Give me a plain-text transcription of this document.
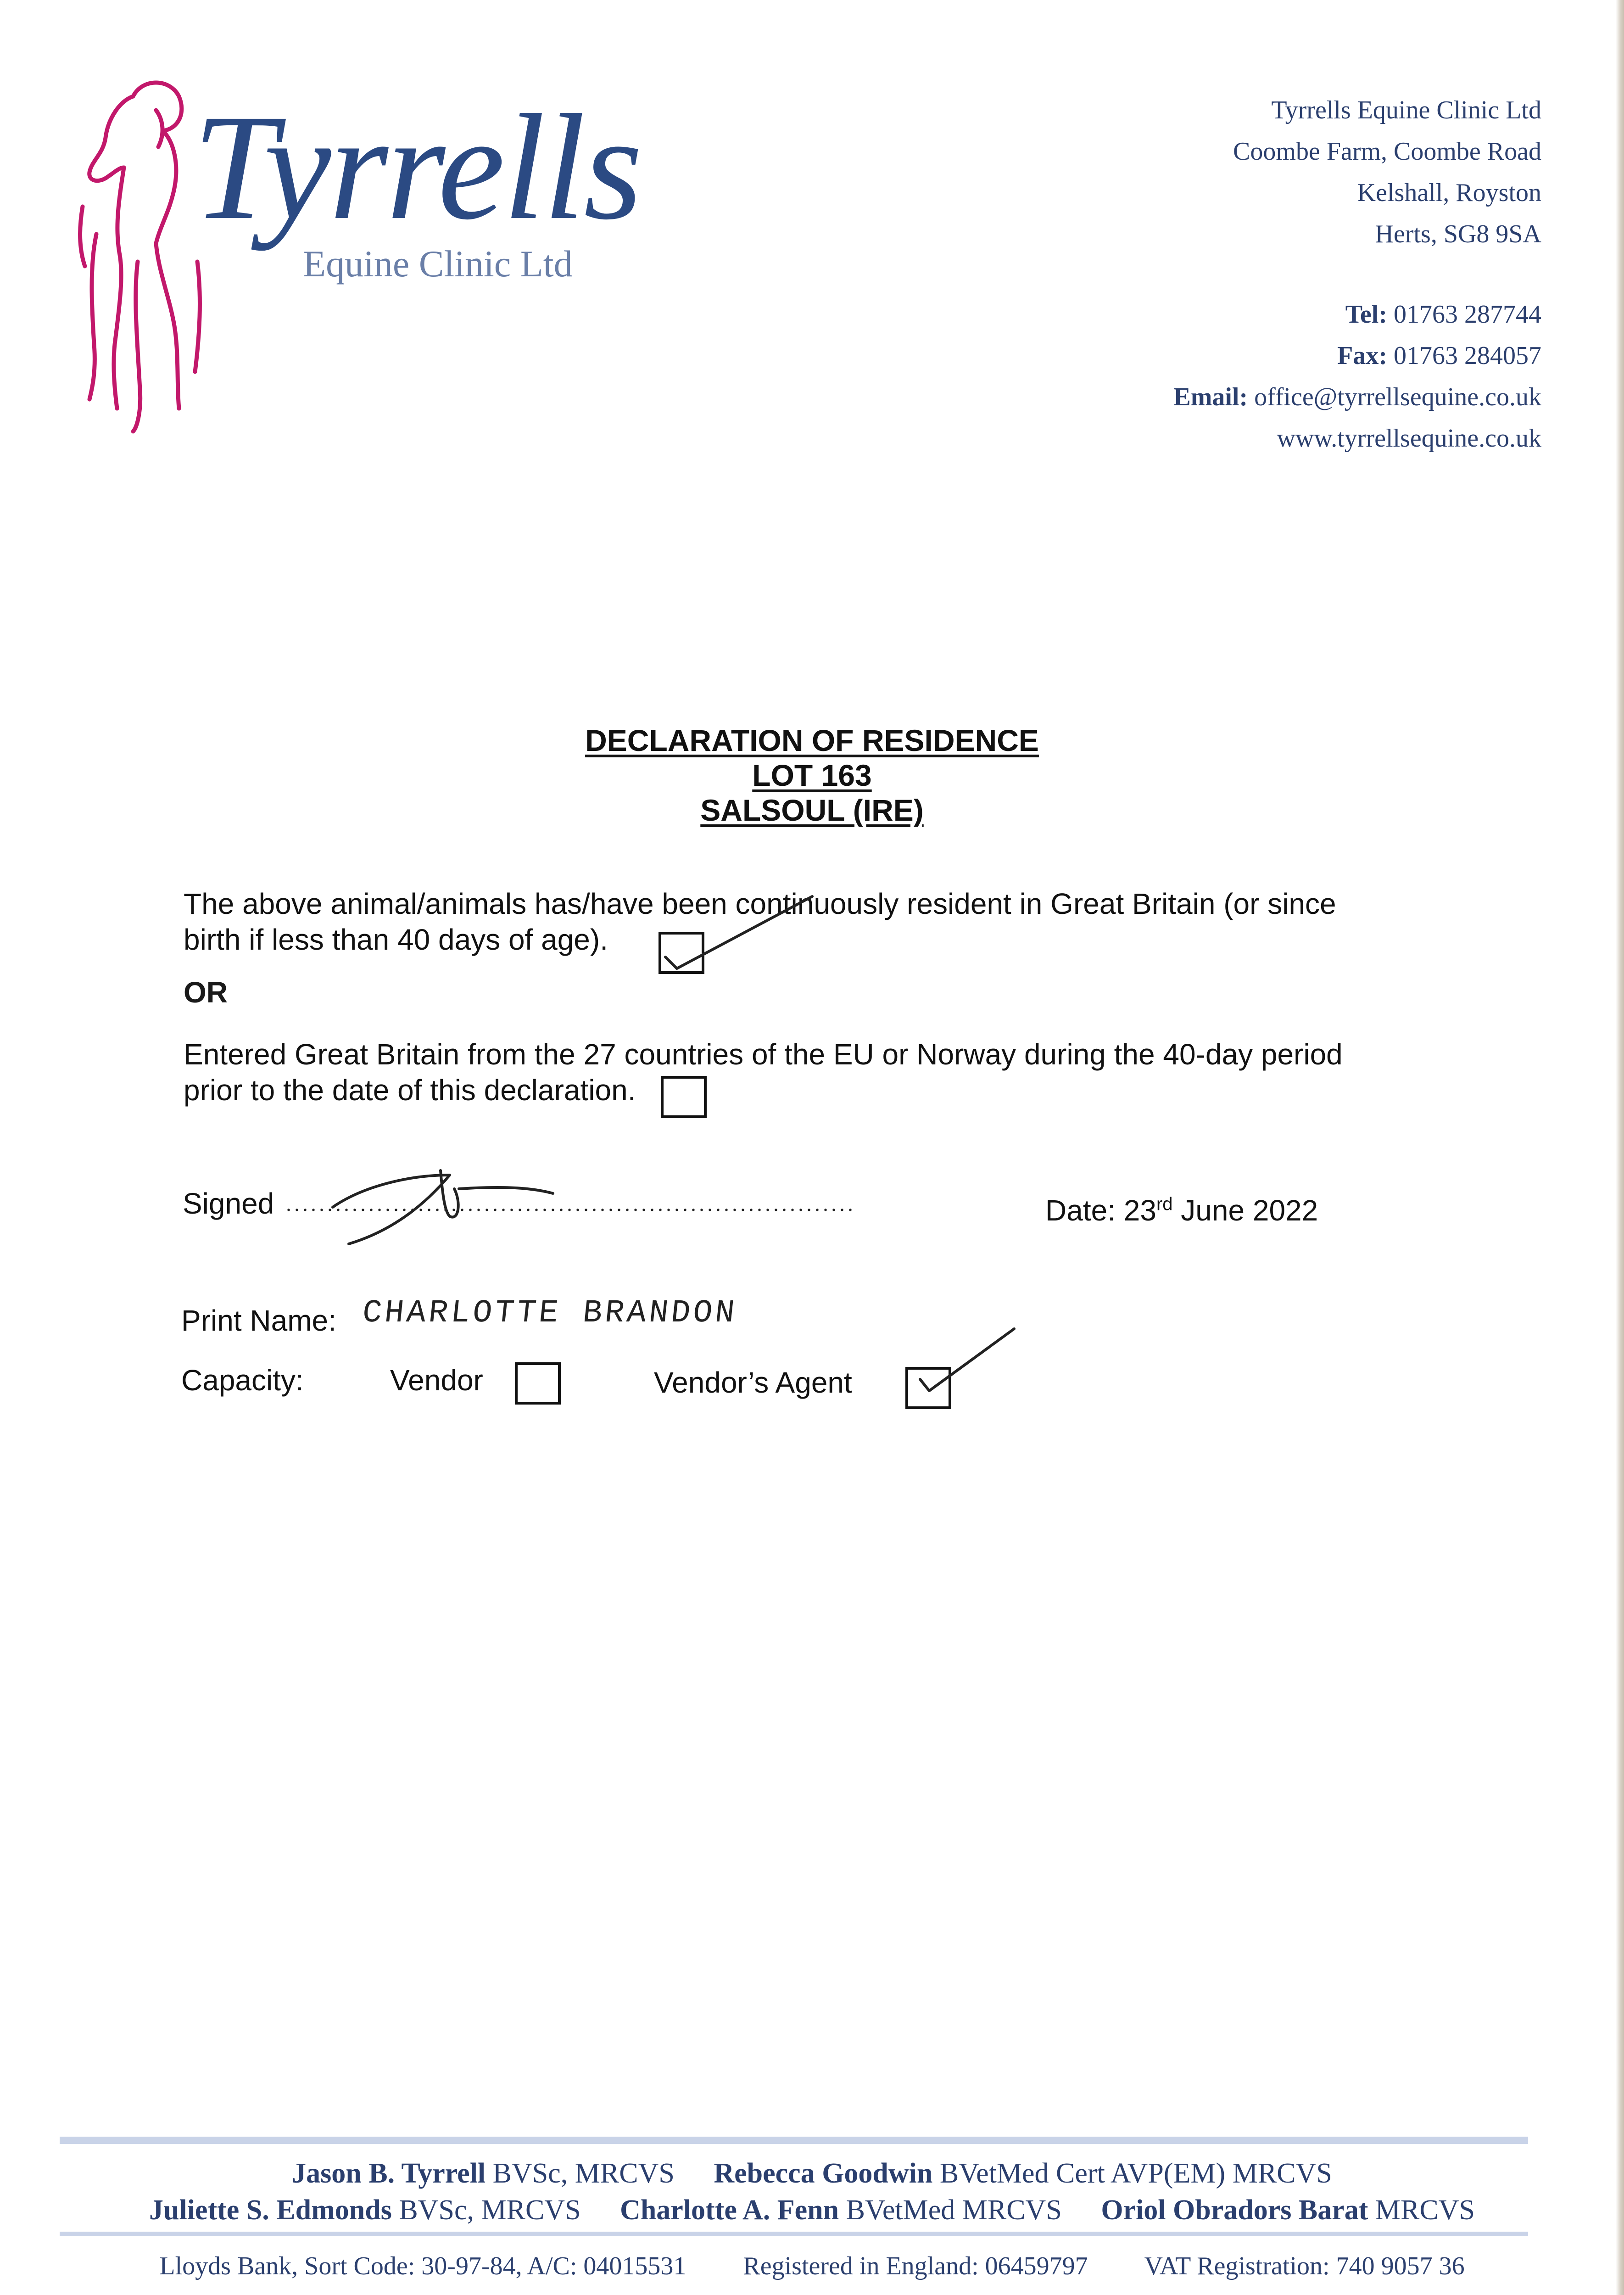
Tyrrells
Equine Clinic Ltd
Tyrrells Equine Clinic Ltd
Coombe Farm, Coombe Road
Kelshall, Royston
Herts, SG8 9SA
Tel: 01763 287744
Fax: 01763 284057
Email: office@tyrrellsequine.co.uk
www.tyrrellsequine.co.uk
DECLARATION OF RESIDENCE
LOT 163
SALSOUL (IRE)
The above animal/animals has/have been continuously resident in Great Britain (or since birth if less than 40 days of age).
OR
Entered Great Britain from the 27 countries of the EU or Norway during the 40-day period prior to the date of this declaration.
Signed	Date: 23rd June 2022
Print Name: CHARLOTTE BRANDON
Capacity:	Vendor	Vendor’s Agent
Jason B. Tyrrell BVSc, MRCVS Rebecca Goodwin BVetMed Cert AVP(EM) MRCVS
Juliette S. Edmonds BVSc, MRCVS Charlotte A. Fenn BVetMed MRCVS Oriol Obradors Barat MRCVS
Lloyds Bank, Sort Code: 30-97-84, A/C: 04015531 Registered in England: 06459797 VAT Registration: 740 9057 36
